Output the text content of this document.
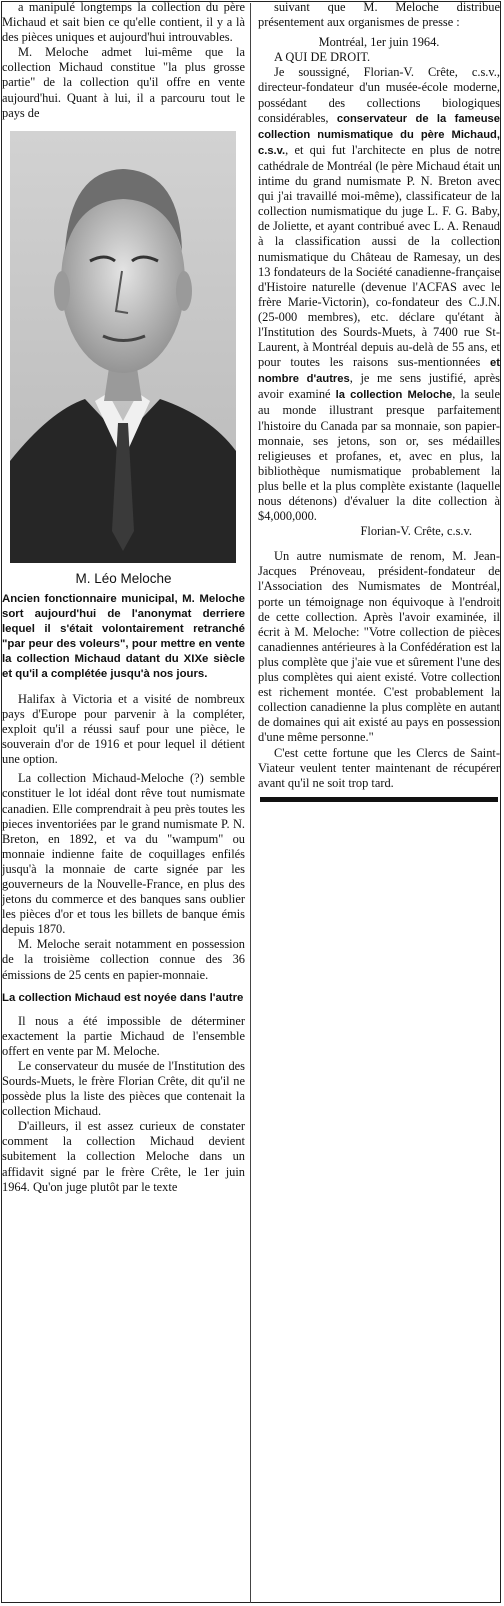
a manipulé longtemps la collection du père Michaud et sait bien ce qu'elle contient, il y a là des pièces uniques et aujourd'hui introuvables.

M. Meloche admet lui-même que la collection Michaud constitue "la plus grosse partie" de la collection qu'il offre en vente aujourd'hui. Quant à lui, il a parcouru tout le pays de

M. Léo Meloche

Ancien fonctionnaire municipal, M. Meloche sort aujourd'hui de l'anonymat derriere lequel il s'était volontairement retranché "par peur des voleurs", pour mettre en vente la collection Michaud datant du XIXe siècle et qu'il a complétée jusqu'à nos jours.

Halifax à Victoria et a visité de nombreux pays d'Europe pour parvenir à la compléter, exploit qu'il a réussi sauf pour une pièce, le souverain d'or de 1916 et pour lequel il détient une option.

La collection Michaud-Meloche (?) semble constituer le lot idéal dont rêve tout numismate canadien. Elle comprendrait à peu près toutes les pieces inventoriées par le grand numismate P. N. Breton, en 1892, et va du "wampum" ou monnaie indienne faite de coquillages enfilés jusqu'à la monnaie de carte signée par les gouverneurs de la Nouvelle-France, en plus des jetons du commerce et des banques sans oublier les pièces d'or et tous les billets de banque émis depuis 1870.

M. Meloche serait notamment en possession de la troisième collection connue des 36 émissions de 25 cents en papier-monnaie.

La collection Michaud est noyée dans l'autre

Il nous a été impossible de déterminer exactement la partie Michaud de l'ensemble offert en vente par M. Meloche.

Le conservateur du musée de l'Institution des Sourds-Muets, le frère Florian Crête, dit qu'il ne possède plus la liste des pièces que contenait la collection Michaud.

D'ailleurs, il est assez curieux de constater comment la collection Michaud devient subitement la collection Meloche dans un affidavit signé par le frère Crête, le 1er juin 1964. Qu'on juge plutôt par le texte

suivant que M. Meloche distribue présentement aux organismes de presse :

Montréal, 1er juin 1964.

A QUI DE DROIT.

Je soussigné, Florian-V. Crête, c.s.v., directeur-fondateur d'un musée-école moderne, possédant des collections biologiques considérables, conservateur de la fameuse collection numismatique du père Michaud, c.s.v., et qui fut l'architecte en plus de notre cathédrale de Montréal (le père Michaud était un intime du grand numismate P. N. Breton avec qui j'ai travaillé moi-même), classificateur de la collection numismatique du juge L. F. G. Baby, de Joliette, et ayant contribué avec L. A. Renaud à la classification aussi de la collection numismatique du Château de Ramesay, un des 13 fondateurs de la Société canadienne-française d'Histoire naturelle (devenue l'ACFAS avec le frère Marie-Victorin), co-fondateur des C.J.N. (25-000 membres), etc. déclare qu'étant à l'Institution des Sourds-Muets, à 7400 rue St-Laurent, à Montréal depuis au-delà de 55 ans, et pour toutes les raisons sus-mentionnées et nombre d'autres, je me sens justifié, après avoir examiné la collection Meloche, la seule au monde illustrant presque parfaitement l'histoire du Canada par sa monnaie, son papier-monnaie, ses jetons, son or, ses médailles religieuses et profanes, et, avec en plus, la bibliothèque numismatique probablement la plus belle et la plus complète existante (laquelle nous détenons) d'évaluer la dite collection à $4,000,000.

Florian-V. Crête, c.s.v.

Un autre numismate de renom, M. Jean-Jacques Prénoveau, président-fondateur de l'Association des Numismates de Montréal, porte un témoignage non équivoque à l'endroit de cette collection. Après l'avoir examinée, il écrit à M. Meloche: "Votre collection de pièces canadiennes antérieures à la Confédération est la plus complète que j'aie vue et sûrement l'une des plus complètes qui aient existé. Votre collection est richement montée. C'est probablement la collection canadienne la plus complète en autant de domaines qui ait existé au pays en possession d'une même personne."

C'est cette fortune que les Clercs de Saint-Viateur veulent tenter maintenant de récupérer avant qu'il ne soit trop tard.
